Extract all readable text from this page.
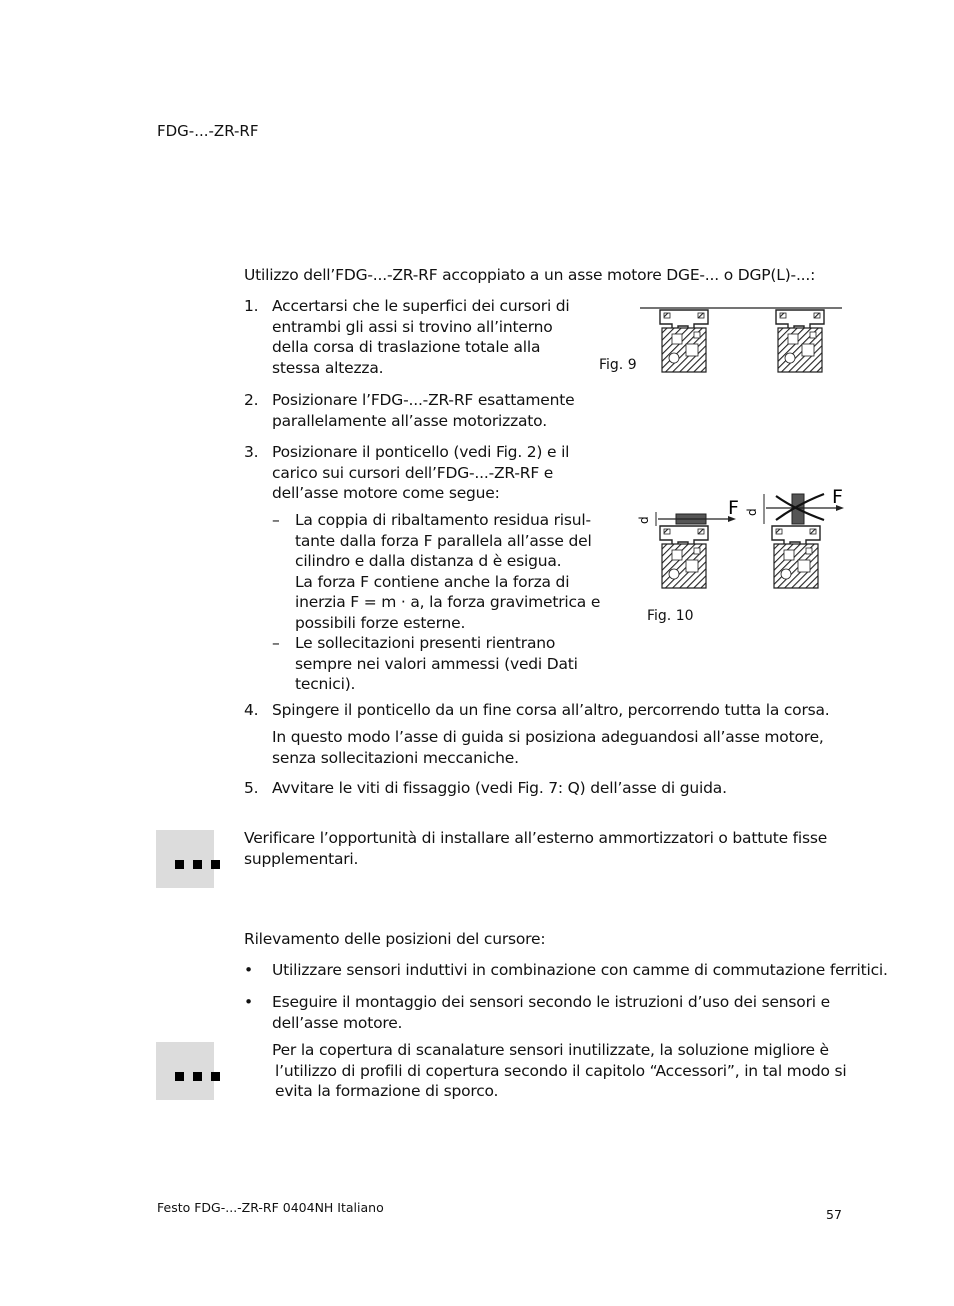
FDG-...-ZR-RF
Utilizzo dell’FDG-...-ZR-RF accoppiato a un asse motore DGE-... o DGP(L)-...:
1. Accertarsi che le superfici dei cursori di
entrambi gli assi si trovino all’interno
della corsa di traslazione totale alla
stessa altezza.
2. Posizionare l’FDG-...-ZR-RF esattamente
parallelamente all’asse motorizzato.
3. Posizionare il ponticello (vedi Fig. 2) e il
carico sui cursori dell’FDG-...-ZR-RF e
dell’asse motore come segue:
– La coppia di ribaltamento residua risul-
tante dalla forza F parallela all’asse del
cilindro e dalla distanza d è esigua.
La forza F contiene anche la forza di
inerzia F = m · a, la forza gravimetrica e
possibili forze esterne.
– Le sollecitazioni presenti rientrano
sempre nei valori ammessi (vedi Dati
tecnici).
4. Spingere il ponticello da un fine corsa all’altro, percorrendo tutta la corsa.
In questo modo l’asse di guida si posiziona adeguandosi all’asse motore,
senza sollecitazioni meccaniche.
5. Avvitare le viti di fissaggio (vedi Fig. 7: Q) dell’asse di guida.
Fig. 9
d
F d
F
Fig. 10
Verificare l’opportunità di installare all’esterno ammortizzatori o battute fisse
supplementari.
Rilevamento delle posizioni del cursore:
• Utilizzare sensori induttivi in combinazione con camme di commutazione ferritici.
• Eseguire il montaggio dei sensori secondo le istruzioni d’uso dei sensori e
dell’asse motore.
Per la copertura di scanalature sensori inutilizzate, la soluzione migliore è
l’utilizzo di profili di copertura secondo il capitolo “Accessori”, in tal modo si
evita la formazione di sporco.
Festo FDG-...-ZR-RF 0404NH Italiano	57
